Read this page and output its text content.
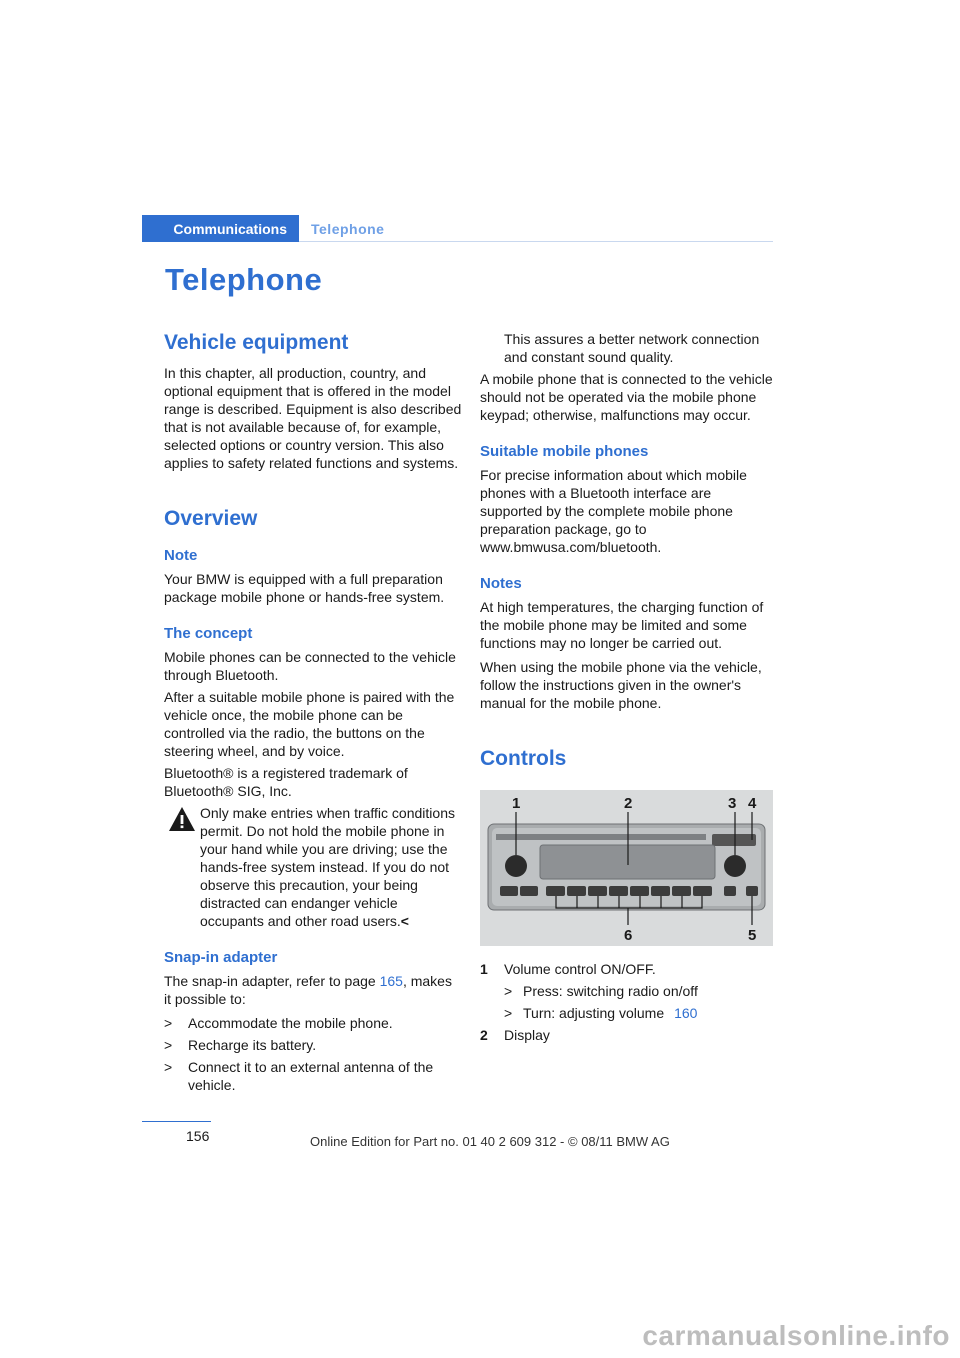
Communications Telephone
Telephone
Vehicle equipment

In this chapter, all production, country, and optional equipment that is offered in the model range is described. Equipment is also described that is not available because of, for example, selected options or country version. This also applies to safety related functions and systems.

Overview
Note

Your BMW is equipped with a full preparation package mobile phone or hands-free system.

The concept

Mobile phones can be connected to the vehicle through Bluetooth.

After a suitable mobile phone is paired with the vehicle once, the mobile phone can be controlled via the radio, the buttons on the steering wheel, and by voice.

Bluetooth® is a registered trademark of Bluetooth® SIG, Inc.

Only make entries when traffic conditions permit. Do not hold the mobile phone in your hand while you are driving; use the hands-free system instead. If you do not observe this precaution, your being distracted can endanger vehicle occupants and other road users.<

Snap-in adapter

The snap-in adapter, refer to page 165, makes it possible to:

>	Accommodate the mobile phone.
>	Recharge its battery.
>	Connect it to an external antenna of the vehicle.
This assures a better network connection and constant sound quality.

A mobile phone that is connected to the vehicle should not be operated via the mobile phone keypad; otherwise, malfunctions may occur.

Suitable mobile phones

For precise information about which mobile phones with a Bluetooth interface are supported by the complete mobile phone preparation package, go to www.bmwusa.com/bluetooth.

Notes

At high temperatures, the charging function of the mobile phone may be limited and some functions may no longer be carried out.

When using the mobile phone via the vehicle, follow the instructions given in the owner's manual for the mobile phone.

Controls
1	2	3 4
5
6
1	Volume control ON/OFF.
> Press: switching radio on/off
> Turn: adjusting volume 160
2	Display
156	Online Edition for Part no. 01 40 2 609 312 - © 08/11 BMW AG
carmanualsonline.info
